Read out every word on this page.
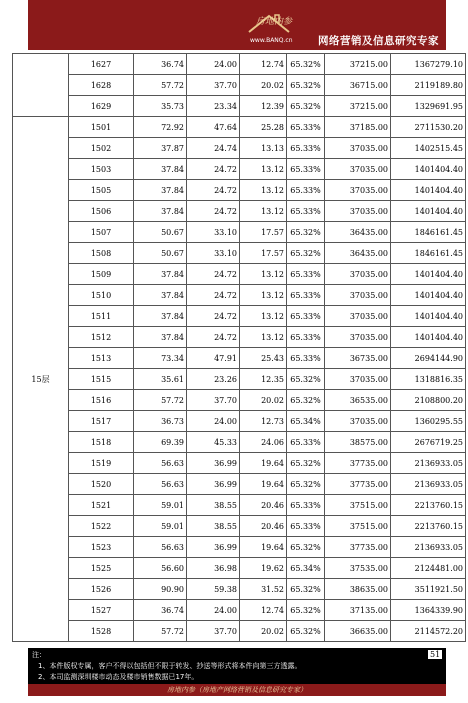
房地内参
www.BANQ.cn 网络营销及信息研究专家
	1627	36.74	24.00	12.74	65.32%	37215.00	1367279.10
	1628	57.72	37.70	20.02	65.32%	36715.00	2119189.80
	1629	35.73	23.34	12.39	65.32%	37215.00	1329691.95
15层	1501	72.92	47.64	25.28	65.33%	37185.00	2711530.20
	1502	37.87	24.74	13.13	65.33%	37035.00	1402515.45
	1503	37.84	24.72	13.12	65.33%	37035.00	1401404.40
	1505	37.84	24.72	13.12	65.33%	37035.00	1401404.40
	1506	37.84	24.72	13.12	65.33%	37035.00	1401404.40
	1507	50.67	33.10	17.57	65.32%	36435.00	1846161.45
	1508	50.67	33.10	17.57	65.32%	36435.00	1846161.45
	1509	37.84	24.72	13.12	65.33%	37035.00	1401404.40
	1510	37.84	24.72	13.12	65.33%	37035.00	1401404.40
	1511	37.84	24.72	13.12	65.33%	37035.00	1401404.40
	1512	37.84	24.72	13.12	65.33%	37035.00	1401404.40
	1513	73.34	47.91	25.43	65.33%	36735.00	2694144.90
	1515	35.61	23.26	12.35	65.32%	37035.00	1318816.35
	1516	57.72	37.70	20.02	65.32%	36535.00	2108800.20
	1517	36.73	24.00	12.73	65.34%	37035.00	1360295.55
	1518	69.39	45.33	24.06	65.33%	38575.00	2676719.25
	1519	56.63	36.99	19.64	65.32%	37735.00	2136933.05
	1520	56.63	36.99	19.64	65.32%	37735.00	2136933.05
	1521	59.01	38.55	20.46	65.33%	37515.00	2213760.15
	1522	59.01	38.55	20.46	65.33%	37515.00	2213760.15
	1523	56.63	36.99	19.64	65.32%	37735.00	2136933.05
	1525	56.60	36.98	19.62	65.34%	37535.00	2124481.00
	1526	90.90	59.38	31.52	65.32%	38635.00	3511921.50
	1527	36.74	24.00	12.74	65.32%	37135.00	1364339.90
	1528	57.72	37.70	20.02	65.32%	36635.00	2114572.20
注：
1、本件版权专属，客户不得以包括但不限于转发、抄送等形式将本件向第三方透露。
2、本司监测深圳楼市动态及楼市销售数据已17年。
51
房地内参（房地产网络营销及信息研究专家）
